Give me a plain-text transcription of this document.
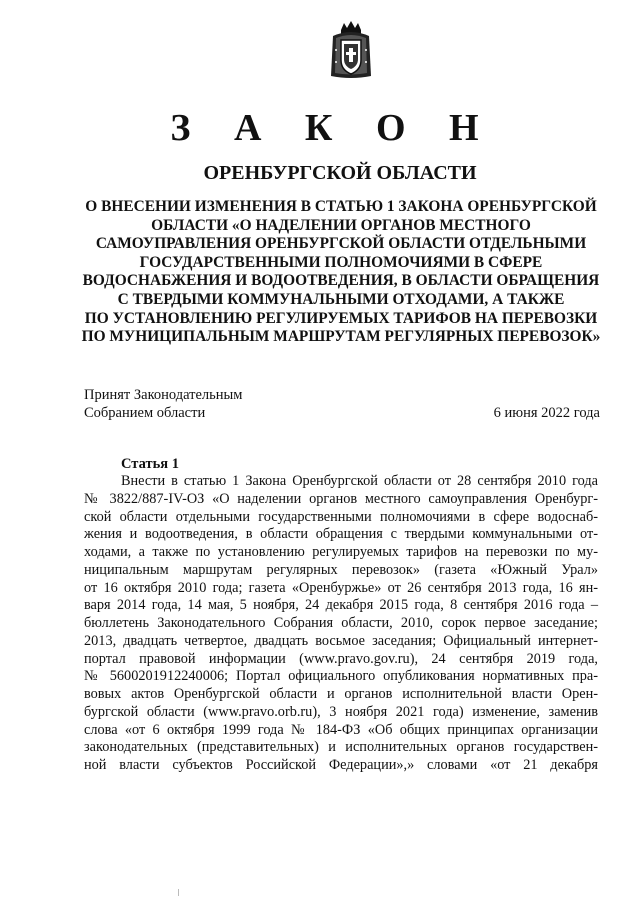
З А К О Н
ОРЕНБУРГСКОЙ ОБЛАСТИ
О ВНЕСЕНИИ ИЗМЕНЕНИЯ В СТАТЬЮ 1 ЗАКОНА ОРЕНБУРГСКОЙ
ОБЛАСТИ «О НАДЕЛЕНИИ ОРГАНОВ МЕСТНОГО
САМОУПРАВЛЕНИЯ ОРЕНБУРГСКОЙ ОБЛАСТИ ОТДЕЛЬНЫМИ
ГОСУДАРСТВЕННЫМИ ПОЛНОМОЧИЯМИ В СФЕРЕ
ВОДОСНАБЖЕНИЯ И ВОДООТВЕДЕНИЯ, В ОБЛАСТИ ОБРАЩЕНИЯ
С ТВЕРДЫМИ КОММУНАЛЬНЫМИ ОТХОДАМИ, А ТАКЖЕ
ПО УСТАНОВЛЕНИЮ РЕГУЛИРУЕМЫХ ТАРИФОВ НА ПЕРЕВОЗКИ
ПО МУНИЦИПАЛЬНЫМ МАРШРУТАМ РЕГУЛЯРНЫХ ПЕРЕВОЗОК»
Принят Законодательным
Собранием области	6 июня 2022 года
Статья 1
Внести в статью 1 Закона Оренбургской области от 28 сентября 2010 года
№ 3822/887-IV-ОЗ «О наделении органов местного самоуправления Оренбург-
ской области отдельными государственными полномочиями в сфере водоснаб-
жения и водоотведения, в области обращения с твердыми коммунальными от-
ходами, а также по установлению регулируемых тарифов на перевозки по му-
ниципальным маршрутам регулярных перевозок» (газета «Южный Урал»
от 16 октября 2010 года; газета «Оренбуржье» от 26 сентября 2013 года, 16 ян-
варя 2014 года, 14 мая, 5 ноября, 24 декабря 2015 года, 8 сентября 2016 года –
бюллетень Законодательного Собрания области, 2010, сорок первое заседание;
2013, двадцать четвертое, двадцать восьмое заседания; Официальный интернет-
портал правовой информации (www.pravo.gov.ru), 24 сентября 2019 года,
№ 5600201912240006; Портал официального опубликования нормативных пра-
вовых актов Оренбургской области и органов исполнительной власти Орен-
бургской области (www.pravo.orb.ru), 3 ноября 2021 года) изменение, заменив
слова «от 6 октября 1999 года № 184-ФЗ «Об общих принципах организации
законодательных (представительных) и исполнительных органов государствен-
ной власти субъектов Российской Федерации»,» словами «от 21 декабря
